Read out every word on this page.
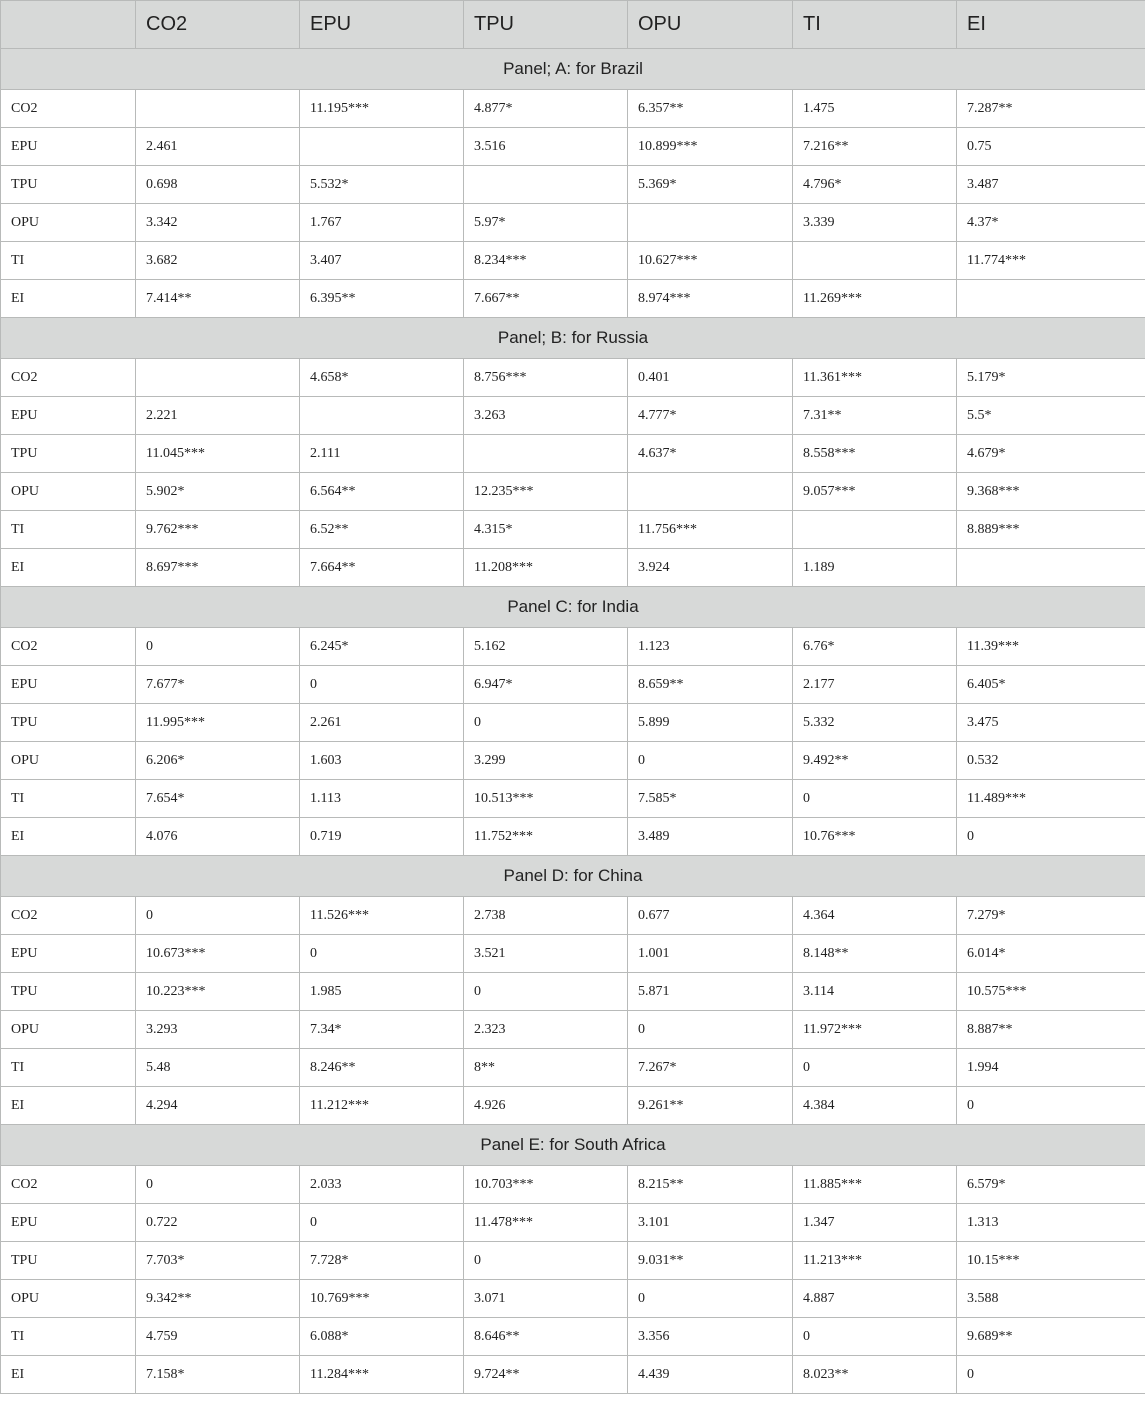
	CO2	EPU	TPU	OPU	TI	EI
Panel; A: for Brazil						
CO2		11.195***	4.877*	6.357**	1.475	7.287**
EPU	2.461		3.516	10.899***	7.216**	0.75
TPU	0.698	5.532*		5.369*	4.796*	3.487
OPU	3.342	1.767	5.97*		3.339	4.37*
TI	3.682	3.407	8.234***	10.627***		11.774***
EI	7.414**	6.395**	7.667**	8.974***	11.269***	
Panel; B: for Russia						
CO2		4.658*	8.756***	0.401	11.361***	5.179*
EPU	2.221		3.263	4.777*	7.31**	5.5*
TPU	11.045***	2.111		4.637*	8.558***	4.679*
OPU	5.902*	6.564**	12.235***		9.057***	9.368***
TI	9.762***	6.52**	4.315*	11.756***		8.889***
EI	8.697***	7.664**	11.208***	3.924	1.189	
Panel C: for India						
CO2	0	6.245*	5.162	1.123	6.76*	11.39***
EPU	7.677*	0	6.947*	8.659**	2.177	6.405*
TPU	11.995***	2.261	0	5.899	5.332	3.475
OPU	6.206*	1.603	3.299	0	9.492**	0.532
TI	7.654*	1.113	10.513***	7.585*	0	11.489***
EI	4.076	0.719	11.752***	3.489	10.76***	0
Panel D: for China						
CO2	0	11.526***	2.738	0.677	4.364	7.279*
EPU	10.673***	0	3.521	1.001	8.148**	6.014*
TPU	10.223***	1.985	0	5.871	3.114	10.575***
OPU	3.293	7.34*	2.323	0	11.972***	8.887**
TI	5.48	8.246**	8**	7.267*	0	1.994
EI	4.294	11.212***	4.926	9.261**	4.384	0
Panel E: for South Africa						
CO2	0	2.033	10.703***	8.215**	11.885***	6.579*
EPU	0.722	0	11.478***	3.101	1.347	1.313
TPU	7.703*	7.728*	0	9.031**	11.213***	10.15***
OPU	9.342**	10.769***	3.071	0	4.887	3.588
TI	4.759	6.088*	8.646**	3.356	0	9.689**
EI	7.158*	11.284***	9.724**	4.439	8.023**	0
